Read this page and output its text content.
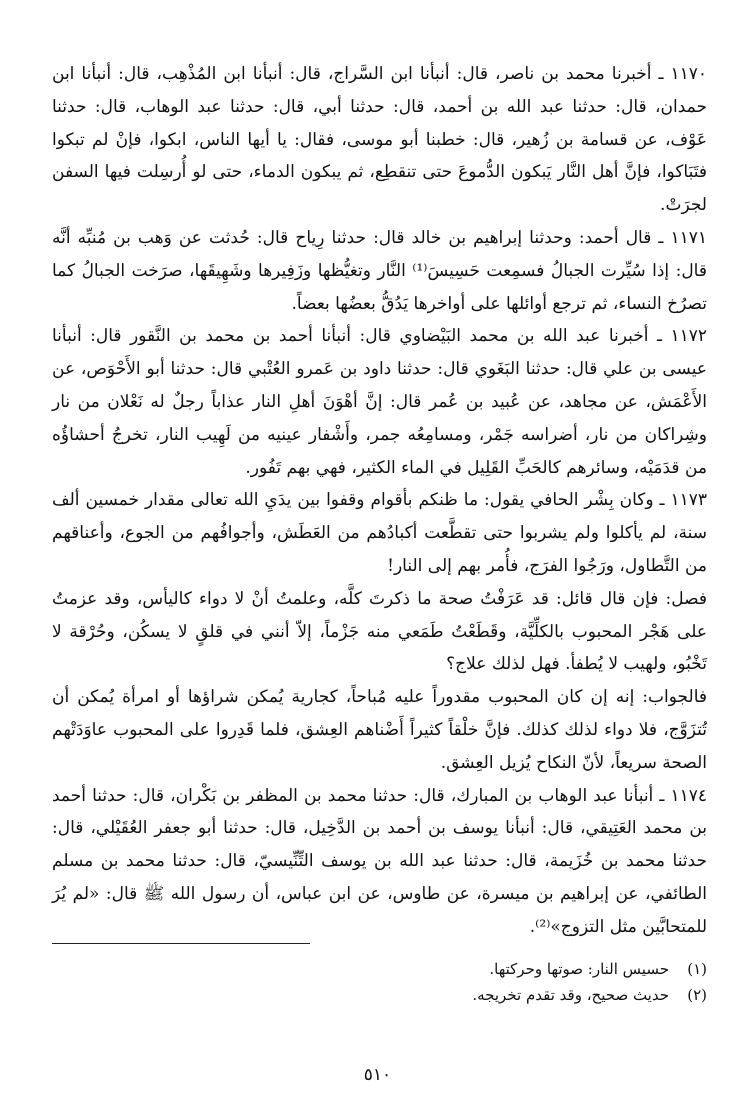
١١٧٠ ـ أخبرنا محمد بن ناصر، قال: أنبأنا ابن السَّراج، قال: أنبأنا ابن المُذْهِب، قال: أنبأنا ابن حمدان، قال: حدثنا عبد الله بن أحمد، قال: حدثنا أبي، قال: حدثنا عبد الوهاب، قال: حدثنا عَوْف، عن قسامة بن زُهير، قال: خطبنا أبو موسى، فقال: يا أيها الناس، ابكوا، فإنْ لم تبكوا فتَبَاكوا، فإنَّ أهل النَّار يَبكون الدُّموعَ حتى تنقطِع، ثم يبكون الدماء، حتى لو أُرسِلت فيها السفن لجرَتْ.

١١٧١ ـ قال أحمد: وحدثنا إبراهيم بن خالد قال: حدثنا رِياح قال: حُدثت عن وَهب بن مُنبِّه أنَّه قال: إذا سُيِّرت الجبالُ فسمِعت حَسِيسَ⁽¹⁾ النَّار وتغيُّظها وزَفِيرها وشَهِيقَها، صرَخت الجبالُ كما تصرُخ النساء، ثم ترجع أوائلها على أواخرها يَدُقُّ بعضُها بعضاً.

١١٧٢ ـ أخبرنا عبد الله بن محمد البَيْضاوي قال: أنبأنا أحمد بن محمد بن النَّقور قال: أنبأنا عيسى بن علي قال: حدثنا البَغَوي قال: حدثنا داود بن عَمرو العُتْبي قال: حدثنا أبو الأَحْوَص، عن الأَعْمَش، عن مجاهد، عن عُبيد بن عُمر قال: إنَّ أهْوَنَ أهلِ النار عذاباً رجلٌ له نَعْلان من نار وشِراكان من نار، أضراسه جَمْر، ومسامِعُه جمر، وأَشْفار عينيه من لَهِيب النار، تخرجُ أحشاؤُه من قدَمَيْه، وسائرهم كالحَبِّ القَلِيل في الماء الكثير، فهي بهم تَفُور.

١١٧٣ ـ وكان بِشْر الحافي يقول: ما ظنكم بأقوام وقفوا بين يدَيِ الله تعالى مقدار خمسين ألف سنة، لم يأكلوا ولم يشربوا حتى تقطَّعت أكبادُهم من العَطَش، وأجوافُهم من الجوع، وأعناقهم من التَّطاول، ورَجُوا الفرَج، فأُمر بهم إلى النار!

فصل: فإن قال قائل: قد عَرَفْتُ صحة ما ذكرتَ كلَّه، وعلمتُ أنْ لا دواء كاليأس، وقد عزمتُ على هَجْر المحبوب بالكلِّيَّة، وقَطَعْتُ طَمَعي منه جَزْماً، إلاّ أنني في قلقٍ لا يسكُن، وحُرْقة لا تَخْبُو، ولهيب لا يُطفأ. فهل لذلك علاج؟

فالجواب: إنه إن كان المحبوب مقدوراً عليه مُباحاً، كجارية يُمكن شراؤها أو امرأة يُمكن أن تُتزَوَّج، فلا دواء لذلك كذلك. فإنَّ خلْقاً كثيراً أَضْناهم العِشق، فلما قَدِروا على المحبوب عاوَدَتْهم الصحة سريعاً، لأنّ النكاح يُزيل العِشق.

١١٧٤ ـ أنبأنا عبد الوهاب بن المبارك، قال: حدثنا محمد بن المظفر بن بَكْران، قال: حدثنا أحمد بن محمد العَتِيقي، قال: أنبأنا يوسف بن أحمد بن الدَّخِيل، قال: حدثنا أبو جعفر العُقَيْلي، قال: حدثنا محمد بن خُزَيمة، قال: حدثنا عبد الله بن يوسف التِّنِّيسيّ، قال: حدثنا محمد بن مسلم الطائفي، عن إبراهيم بن ميسرة، عن طاوس، عن ابن عباس، أن رسول الله ﷺ قال: «لم يُرَ للمتحابَّين مثل التزوج»⁽²⁾.

(١)
حسيس النار: صوتها وحركتها.
(٢)
حديث صحيح، وقد تقدم تخريجه.
٥١٠
